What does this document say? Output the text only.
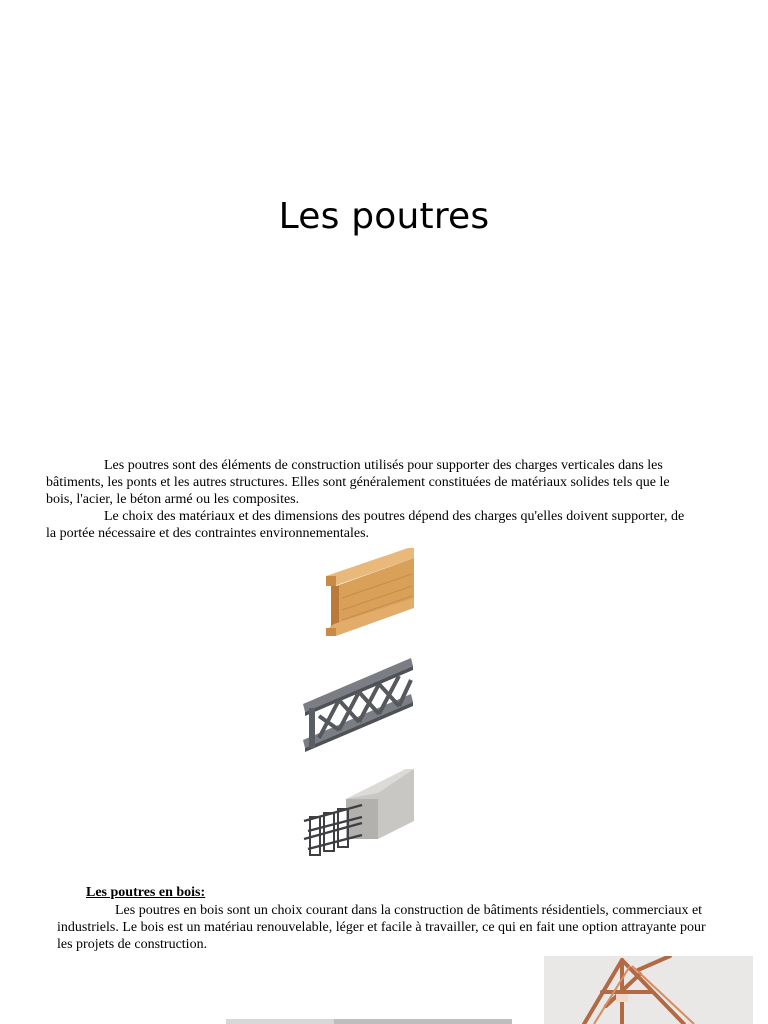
Les poutres

Les poutres sont des éléments de construction utilisés pour supporter des charges verticales dans les bâtiments, les ponts et les autres structures. Elles sont généralement constituées de matériaux solides tels que le bois, l'acier, le béton armé ou les composites.

Le choix des matériaux et des dimensions des poutres dépend des charges qu'elles doivent supporter, de la portée nécessaire et des contraintes environnementales.

Les poutres en bois:

Les poutres en bois sont un choix courant dans la construction de bâtiments résidentiels, commerciaux et industriels. Le bois est un matériau renouvelable, léger et facile à travailler, ce qui en fait une option attrayante pour les projets de construction.
